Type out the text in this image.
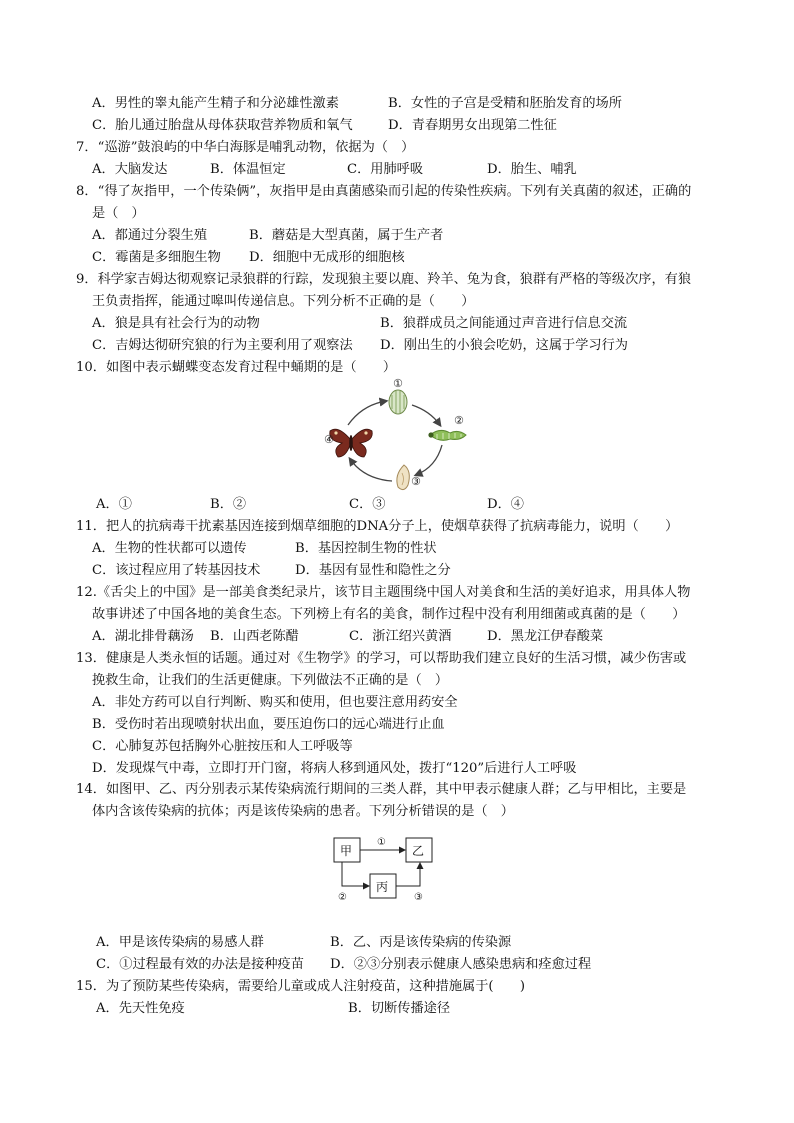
A．男性的睾丸能产生精子和分泌雄性激素	B．女性的子宫是受精和胚胎发育的场所
C．胎儿通过胎盘从母体获取营养物质和氧气	D．青春期男女出现第二性征
7．“巡游”鼓浪屿的中华白海豚是哺乳动物，依据为（　）
A．大脑发达	B．体温恒定	C．用肺呼吸	D．胎生、哺乳
8．“得了灰指甲，一个传染俩”，灰指甲是由真菌感染而引起的传染性疾病。下列有关真菌的叙述，正确的
是（　）
A．都通过分裂生殖	B．蘑菇是大型真菌，属于生产者
C．霉菌是多细胞生物 D．细胞中无成形的细胞核
9．科学家吉姆达彻观察记录狼群的行踪，发现狼主要以鹿、羚羊、兔为食，狼群有严格的等级次序，有狼
王负责指挥，能通过嗥叫传递信息。下列分析不正确的是（　　）
A．狼是具有社会行为的动物	B．狼群成员之间能通过声音进行信息交流
C．吉姆达彻研究狼的行为主要利用了观察法 D．刚出生的小狼会吃奶，这属于学习行为
10．如图中表示蝴蝶变态发育过程中蛹期的是（　　）
①
②
③
④
A．①	B．②	C．③	D．④
11．把人的抗病毒干扰素基因连接到烟草细胞的DNA分子上，使烟草获得了抗病毒能力，说明（　　）
A．生物的性状都可以遗传	B．基因控制生物的性状
C．该过程应用了转基因技术	D．基因有显性和隐性之分
12.《舌尖上的中国》是一部美食类纪录片，该节目主题围绕中国人对美食和生活的美好追求，用具体人物
故事讲述了中国各地的美食生态。下列榜上有名的美食，制作过程中没有利用细菌或真菌的是（　　）
A．湖北排骨藕汤 B．山西老陈醋	C．浙江绍兴黄酒	D．黑龙江伊春酸菜
13．健康是人类永恒的话题。通过对《生物学》的学习，可以帮助我们建立良好的生活习惯，减少伤害或
挽救生命，让我们的生活更健康。下列做法不正确的是（　）
A．非处方药可以自行判断、购买和使用，但也要注意用药安全
B．受伤时若出现喷射状出血，要压迫伤口的远心端进行止血
C．心肺复苏包括胸外心脏按压和人工呼吸等
D．发现煤气中毒，立即打开门窗，将病人移到通风处，拨打“120”后进行人工呼吸
14．如图甲、乙、丙分别表示某传染病流行期间的三类人群，其中甲表示健康人群；乙与甲相比，主要是
体内含该传染病的抗体；丙是该传染病的患者。下列分析错误的是（　）
甲	乙
丙
①
②	③
A．甲是该传染病的易感人群	B．乙、丙是该传染病的传染源
C．①过程最有效的办法是接种疫苗 D．②③分别表示健康人感染患病和痊愈过程
15．为了预防某些传染病，需要给儿童或成人注射疫苗，这种措施属于(　　)
A．先天性免疫	B．切断传播途径
